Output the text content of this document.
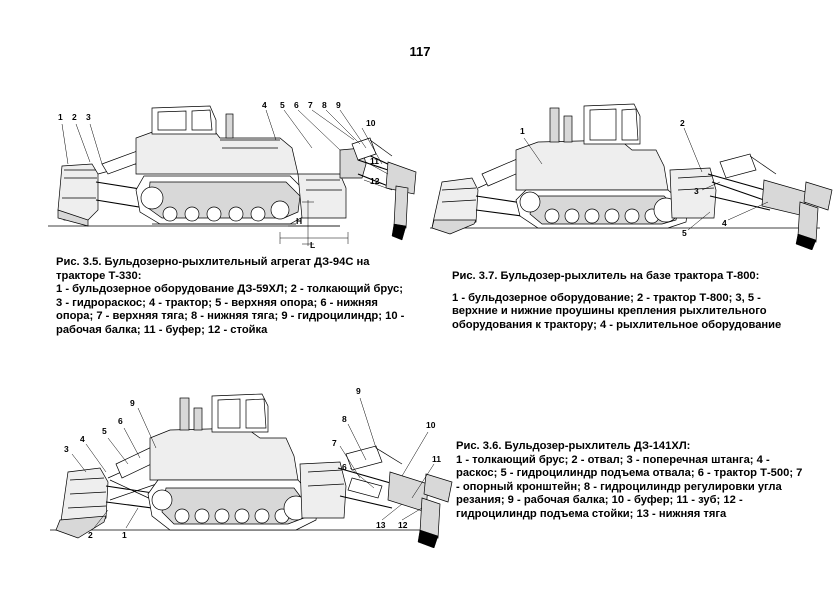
117
1 2 3
4 5 6 7 8 9
10
11
12
H
L
Рис. 3.5. Бульдозерно-рыхлительный агрегат ДЗ-94С на тракторе Т-330:
1 - бульдозерное оборудование ДЗ-59ХЛ; 2 - толкающий брус; 3 - гидрораскос; 4 - трактор; 5 - верхняя опора; 6 - нижняя опора; 7 - верхняя тяга; 8 - нижняя тяга; 9 - гидроцилиндр; 10 - рабочая балка; 11 - буфер; 12 - стойка
1
2
3
4
5
Рис. 3.7. Бульдозер-рыхлитель на базе трактора Т-800:
1 - бульдозерное оборудование; 2 - трактор Т-800; 3, 5 - верхние и нижние проушины крепления рыхлительного оборудования к трактору; 4 - рыхлительное оборудование
3
4
5
6
9
2	1
9
8
7
6
10
11
12
13
Рис. 3.6. Бульдозер-рыхлитель ДЗ-141ХЛ:
1 - толкающий брус; 2 - отвал; 3 - поперечная штанга; 4 - раскос; 5 - гидроцилиндр подъема отвала; 6 - трактор Т-500; 7 - опорный кронштейн; 8 - гидроцилиндр регулировки угла резания; 9 - рабочая балка; 10 - буфер; 11 - зуб; 12 - гидроцилиндр подъема стойки; 13 - нижняя тяга
